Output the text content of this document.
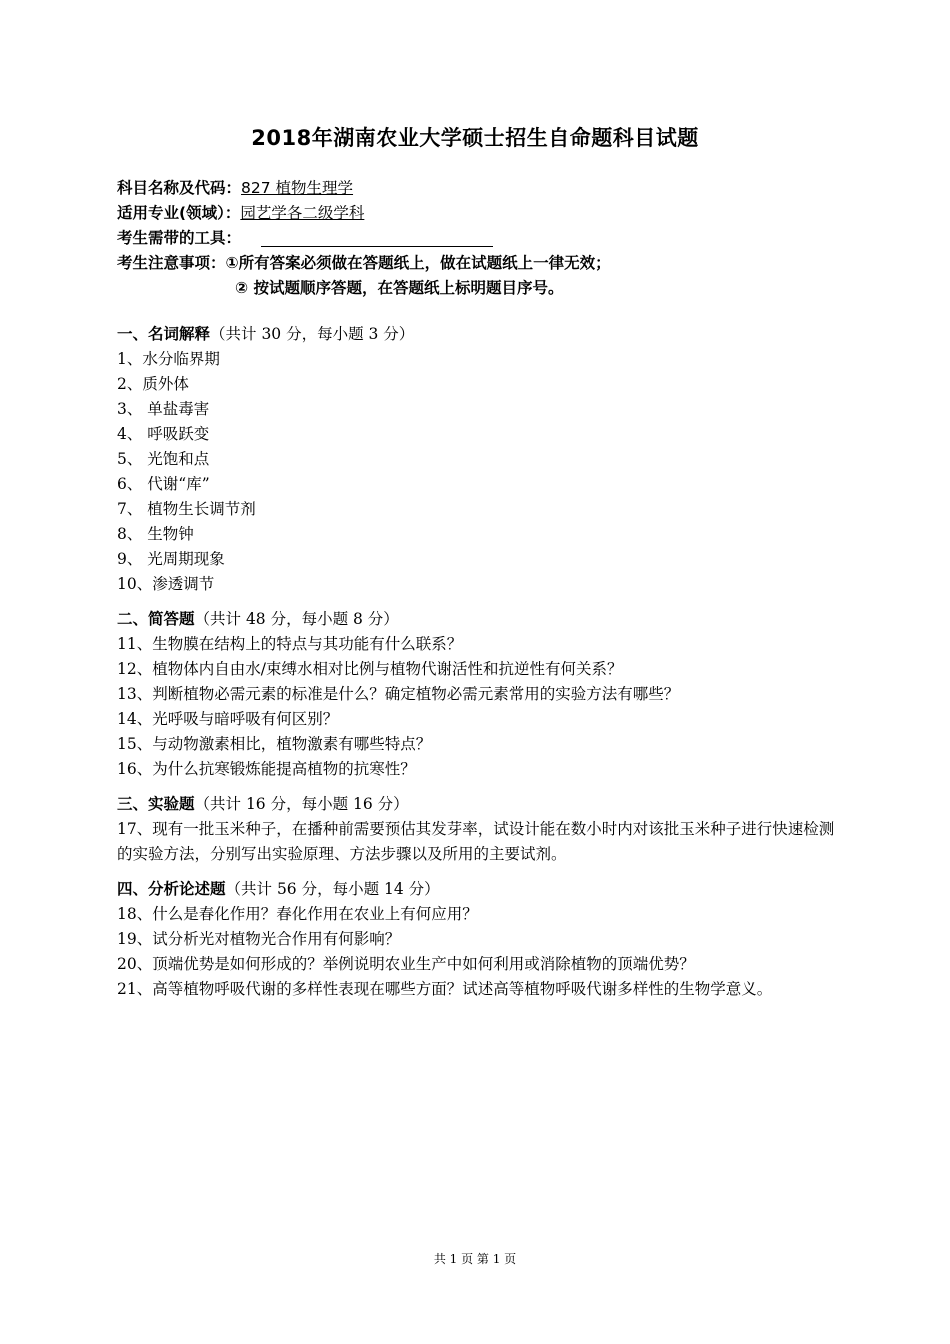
2018年湖南农业大学硕士招生自命题科目试题
科目名称及代码：827 植物生理学
适用专业(领域）：园艺学各二级学科
考生需带的工具：
考生注意事项：①所有答案必须做在答题纸上，做在试题纸上一律无效；
② 按试题顺序答题，在答题纸上标明题目序号。
一、名词解释（共计 30 分，每小题 3 分）
1、水分临界期
2、质外体
3、 单盐毒害
4、 呼吸跃变
5、 光饱和点
6、 代谢“库”
7、 植物生长调节剂
8、 生物钟
9、 光周期现象
10、渗透调节
二、简答题（共计 48 分，每小题 8 分）
11、生物膜在结构上的特点与其功能有什么联系？
12、植物体内自由水/束缚水相对比例与植物代谢活性和抗逆性有何关系？
13、判断植物必需元素的标准是什么？确定植物必需元素常用的实验方法有哪些？
14、光呼吸与暗呼吸有何区别？
15、与动物激素相比，植物激素有哪些特点？
16、为什么抗寒锻炼能提高植物的抗寒性？
三、实验题（共计 16 分，每小题 16 分）
17、现有一批玉米种子，在播种前需要预估其发芽率，试设计能在数小时内对该批玉米种子进行快速检测的实验方法，分别写出实验原理、方法步骤以及所用的主要试剂。
四、分析论述题（共计 56 分，每小题 14 分）
18、什么是春化作用？春化作用在农业上有何应用？
19、试分析光对植物光合作用有何影响？
20、顶端优势是如何形成的？举例说明农业生产中如何利用或消除植物的顶端优势？
21、高等植物呼吸代谢的多样性表现在哪些方面？试述高等植物呼吸代谢多样性的生物学意义。
共 1 页 第 1 页
